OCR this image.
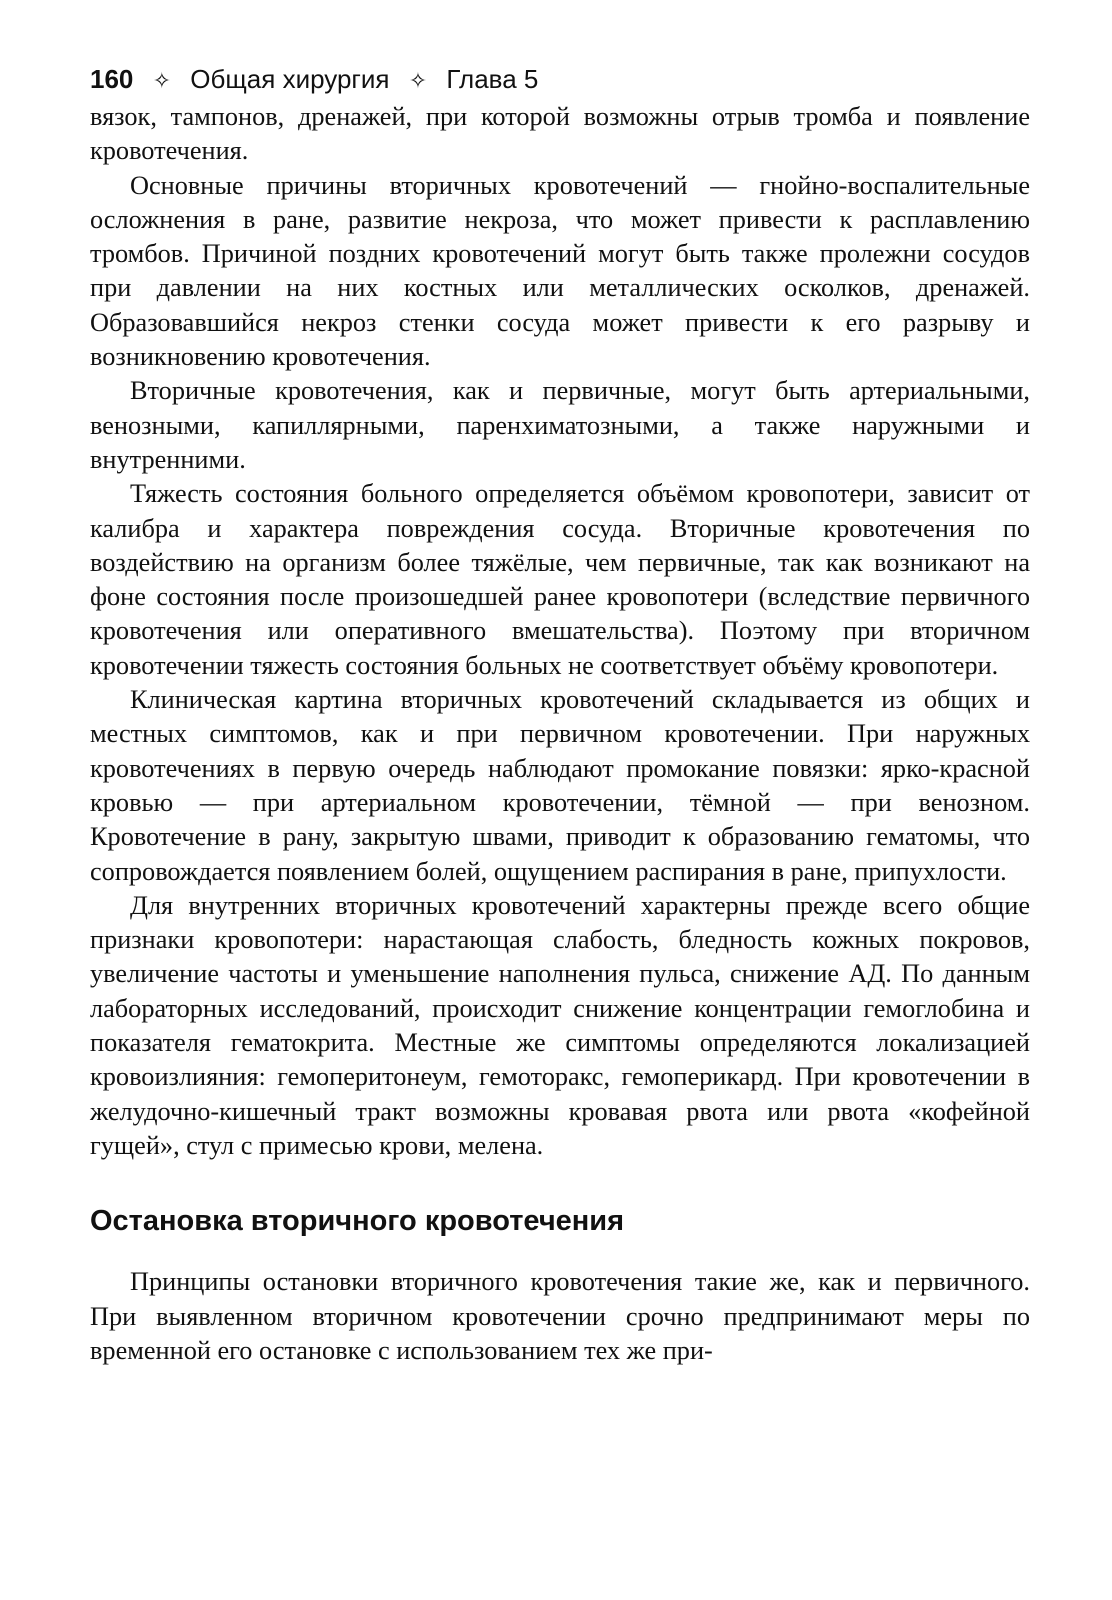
160 ✧ Общая хирургия ✧ Глава 5

вязок, тампонов, дренажей, при которой возможны отрыв тромба и появление кровотечения.

Основные причины вторичных кровотечений — гнойно-воспалительные осложнения в ране, развитие некроза, что может привести к расплавлению тромбов. Причиной поздних кровотечений могут быть также пролежни сосудов при давлении на них костных или металлических осколков, дренажей. Образовавшийся некроз стенки сосуда может привести к его разрыву и возникновению кровотечения.

Вторичные кровотечения, как и первичные, могут быть артериальными, венозными, капиллярными, паренхиматозными, а также наружными и внутренними.

Тяжесть состояния больного определяется объёмом кровопотери, зависит от калибра и характера повреждения сосуда. Вторичные кровотечения по воздействию на организм более тяжёлые, чем первичные, так как возникают на фоне состояния после произошедшей ранее кровопотери (вследствие первичного кровотечения или оперативного вмешательства). Поэтому при вторичном кровотечении тяжесть состояния больных не соответствует объёму кровопотери.

Клиническая картина вторичных кровотечений складывается из общих и местных симптомов, как и при первичном кровотечении. При наружных кровотечениях в первую очередь наблюдают промокание повязки: ярко-красной кровью — при артериальном кровотечении, тёмной — при венозном. Кровотечение в рану, закрытую швами, приводит к образованию гематомы, что сопровождается появлением болей, ощущением распирания в ране, припухлости.

Для внутренних вторичных кровотечений характерны прежде всего общие признаки кровопотери: нарастающая слабость, бледность кожных покровов, увеличение частоты и уменьшение наполнения пульса, снижение АД. По данным лабораторных исследований, происходит снижение концентрации гемоглобина и показателя гематокрита. Местные же симптомы определяются локализацией кровоизлияния: гемоперитонеум, гемоторакс, гемоперикард. При кровотечении в желудочно-кишечный тракт возможны кровавая рвота или рвота «кофейной гущей», стул с примесью крови, мелена.

Остановка вторичного кровотечения

Принципы остановки вторичного кровотечения такие же, как и первичного. При выявленном вторичном кровотечении срочно предпринимают меры по временной его остановке с использованием тех же при-
